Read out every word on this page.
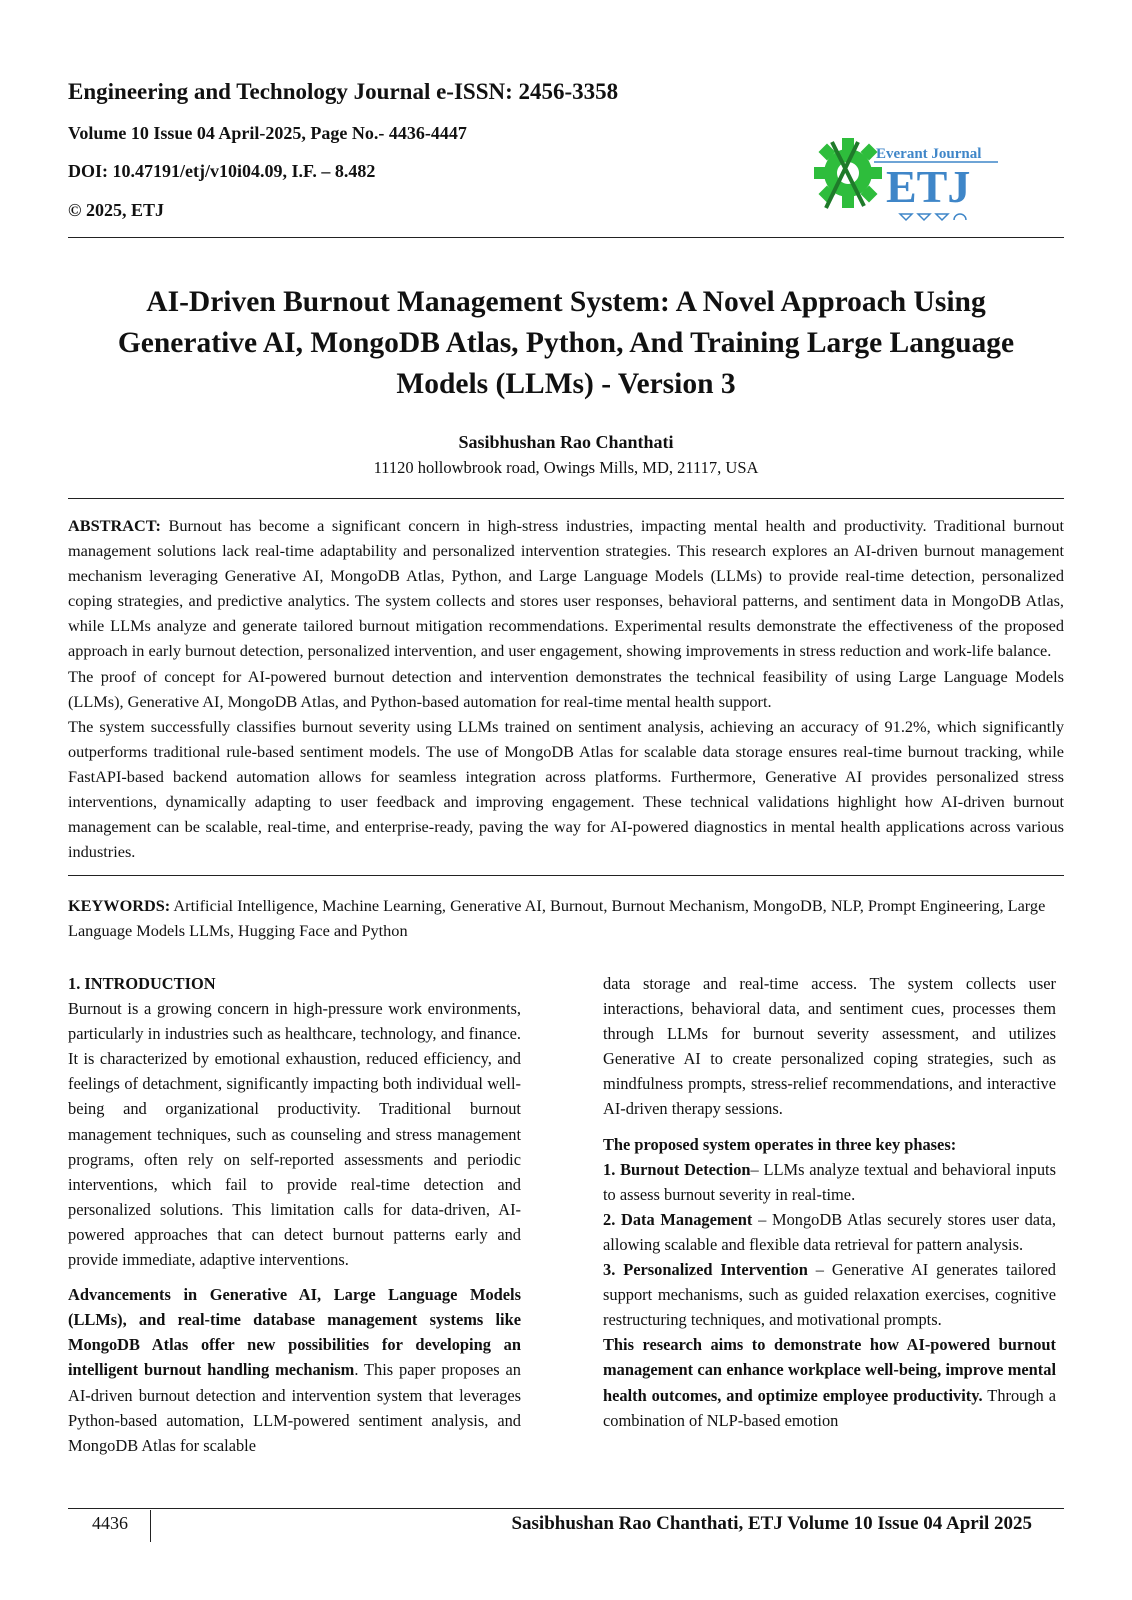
Engineering and Technology Journal e-ISSN: 2456-3358

Volume 10 Issue 04 April-2025, Page No.- 4436-4447

DOI: 10.47191/etj/v10i04.09, I.F. – 8.482

© 2025, ETJ

Everant Journal
ETJ
AI-Driven Burnout Management System: A Novel Approach Using Generative AI, MongoDB Atlas, Python, And Training Large Language Models (LLMs) - Version 3
Sasibhushan Rao Chanthati
11120 hollowbrook road, Owings Mills, MD, 21117, USA

ABSTRACT: Burnout has become a significant concern in high-stress industries, impacting mental health and productivity. Traditional burnout management solutions lack real-time adaptability and personalized intervention strategies. This research explores an AI-driven burnout management mechanism leveraging Generative AI, MongoDB Atlas, Python, and Large Language Models (LLMs) to provide real-time detection, personalized coping strategies, and predictive analytics. The system collects and stores user responses, behavioral patterns, and sentiment data in MongoDB Atlas, while LLMs analyze and generate tailored burnout mitigation recommendations. Experimental results demonstrate the effectiveness of the proposed approach in early burnout detection, personalized intervention, and user engagement, showing improvements in stress reduction and work-life balance.

The proof of concept for AI-powered burnout detection and intervention demonstrates the technical feasibility of using Large Language Models (LLMs), Generative AI, MongoDB Atlas, and Python-based automation for real-time mental health support.

The system successfully classifies burnout severity using LLMs trained on sentiment analysis, achieving an accuracy of 91.2%, which significantly outperforms traditional rule-based sentiment models. The use of MongoDB Atlas for scalable data storage ensures real-time burnout tracking, while FastAPI-based backend automation allows for seamless integration across platforms. Furthermore, Generative AI provides personalized stress interventions, dynamically adapting to user feedback and improving engagement. These technical validations highlight how AI-driven burnout management can be scalable, real-time, and enterprise-ready, paving the way for AI-powered diagnostics in mental health applications across various industries.

KEYWORDS: Artificial Intelligence, Machine Learning, Generative AI, Burnout, Burnout Mechanism, MongoDB, NLP, Prompt Engineering, Large Language Models LLMs, Hugging Face and Python

1. INTRODUCTION

Burnout is a growing concern in high-pressure work environments, particularly in industries such as healthcare, technology, and finance. It is characterized by emotional exhaustion, reduced efficiency, and feelings of detachment, significantly impacting both individual well-being and organizational productivity. Traditional burnout management techniques, such as counseling and stress management programs, often rely on self-reported assessments and periodic interventions, which fail to provide real-time detection and personalized solutions. This limitation calls for data-driven, AI-powered approaches that can detect burnout patterns early and provide immediate, adaptive interventions.

Advancements in Generative AI, Large Language Models (LLMs), and real-time database management systems like MongoDB Atlas offer new possibilities for developing an intelligent burnout handling mechanism. This paper proposes an AI-driven burnout detection and intervention system that leverages Python-based automation, LLM-powered sentiment analysis, and MongoDB Atlas for scalable

data storage and real-time access. The system collects user interactions, behavioral data, and sentiment cues, processes them through LLMs for burnout severity assessment, and utilizes Generative AI to create personalized coping strategies, such as mindfulness prompts, stress-relief recommendations, and interactive AI-driven therapy sessions.

The proposed system operates in three key phases:

1. Burnout Detection– LLMs analyze textual and behavioral inputs to assess burnout severity in real-time.

2. Data Management – MongoDB Atlas securely stores user data, allowing scalable and flexible data retrieval for pattern analysis.

3. Personalized Intervention – Generative AI generates tailored support mechanisms, such as guided relaxation exercises, cognitive restructuring techniques, and motivational prompts.

This research aims to demonstrate how AI-powered burnout management can enhance workplace well-being, improve mental health outcomes, and optimize employee productivity. Through a combination of NLP-based emotion

4436	Sasibhushan Rao Chanthati, ETJ Volume 10 Issue 04 April 2025
